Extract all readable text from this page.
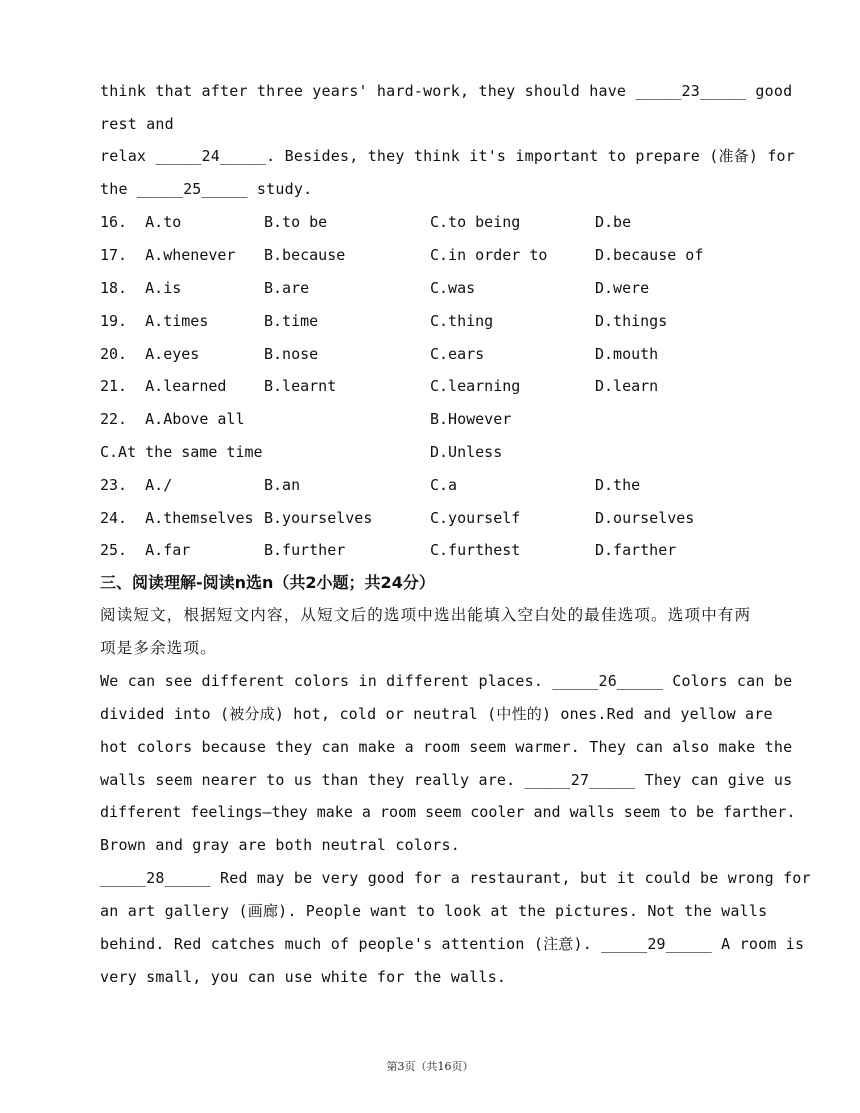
think that after three years' hard-work, they should have _____23_____ good
rest and
relax _____24_____. Besides, they think it's important to prepare (准备) for
the _____25_____ study.

16. A.to

	B.to be

	C.to being

	D.be

17. A.whenever

B.because

	C.in order to

	D.because of

18. A.is

	B.are

	C.was

	D.were

19. A.times

	B.time

	C.thing

	D.things

20. A.eyes

	B.nose

	C.ears

	D.mouth

21. A.learned

	B.learnt

	C.learning

	D.learn

22. A.Above all

	B.However

C.At the same time

	D.Unless

23. A./

	B.an

	C.a

	D.the

24. A.themselves

B.yourselves

	C.yourself

	D.ourselves

25. A.far

	B.further

	C.furthest

	D.farther

三、阅读理解-阅读n选n（共2小题；共24分）
阅读短文，根据短文内容，从短文后的选项中选出能填入空白处的最佳选项。选项中有两
项是多余选项。
We can see different colors in different places. _____26_____ Colors can be
divided into (被分成) hot, cold or neutral (中性的) ones.Red and yellow are
hot colors because they can make a room seem warmer. They can also make the
walls seem nearer to us than they really are. _____27_____ They can give us
different feelings—they make a room seem cooler and walls seem to be farther.
Brown and gray are both neutral colors.
_____28_____ Red may be very good for a restaurant, but it could be wrong for
an art gallery (画廊). People want to look at the pictures. Not the walls
behind. Red catches much of people's attention (注意). _____29_____ A room is
very small, you can use white for the walls.
第3页（共16页）
